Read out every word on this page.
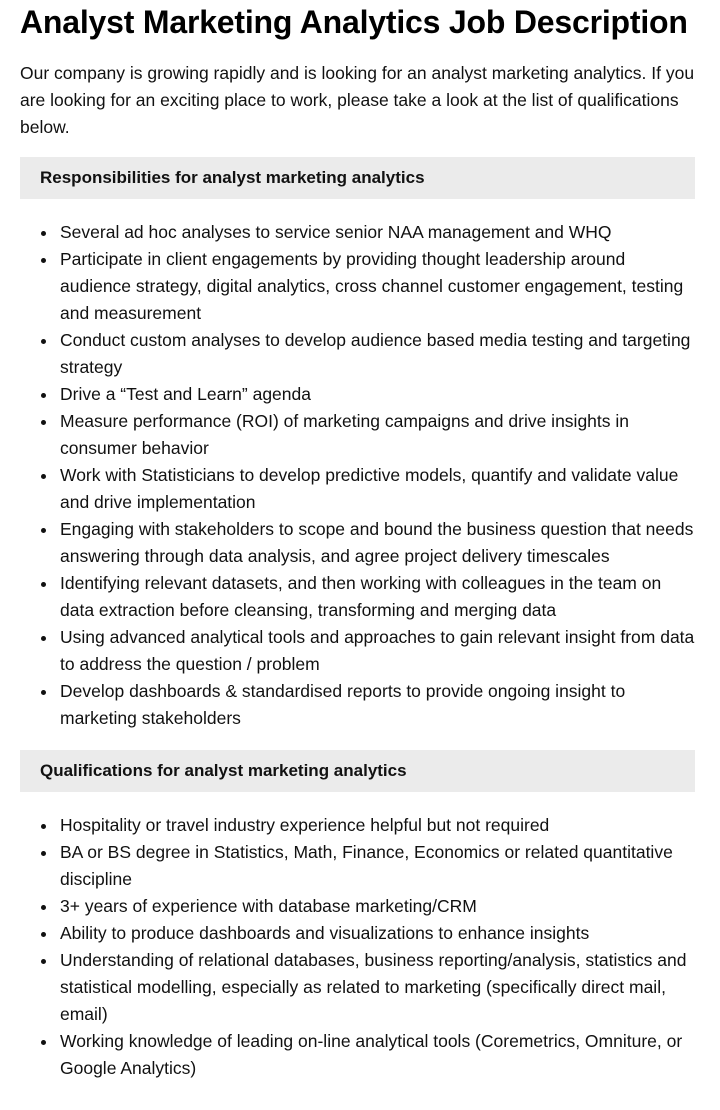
Analyst Marketing Analytics Job Description

Our company is growing rapidly and is looking for an analyst marketing analytics. If you are looking for an exciting place to work, please take a look at the list of qualifications below.

Responsibilities for analyst marketing analytics
Several ad hoc analyses to service senior NAA management and WHQ
Participate in client engagements by providing thought leadership around audience strategy, digital analytics, cross channel customer engagement, testing and measurement
Conduct custom analyses to develop audience based media testing and targeting strategy
Drive a “Test and Learn” agenda
Measure performance (ROI) of marketing campaigns and drive insights in consumer behavior
Work with Statisticians to develop predictive models, quantify and validate value and drive implementation
Engaging with stakeholders to scope and bound the business question that needs answering through data analysis, and agree project delivery timescales
Identifying relevant datasets, and then working with colleagues in the team on data extraction before cleansing, transforming and merging data
Using advanced analytical tools and approaches to gain relevant insight from data to address the question / problem
Develop dashboards & standardised reports to provide ongoing insight to marketing stakeholders
Qualifications for analyst marketing analytics
Hospitality or travel industry experience helpful but not required
BA or BS degree in Statistics, Math, Finance, Economics or related quantitative discipline
3+ years of experience with database marketing/CRM
Ability to produce dashboards and visualizations to enhance insights
Understanding of relational databases, business reporting/analysis, statistics and statistical modelling, especially as related to marketing (specifically direct mail, email)
Working knowledge of leading on-line analytical tools (Coremetrics, Omniture, or Google Analytics)
